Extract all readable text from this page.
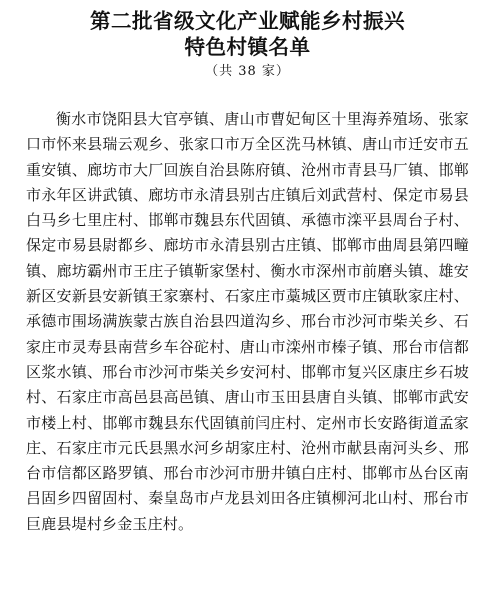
第二批省级文化产业赋能乡村振兴
特色村镇名单

（共 38 家）

衡水市饶阳县大官亭镇、唐山市曹妃甸区十里海养殖场、张家口市怀来县瑞云观乡、张家口市万全区洗马林镇、唐山市迁安市五重安镇、廊坊市大厂回族自治县陈府镇、沧州市青县马厂镇、邯郸市永年区讲武镇、廊坊市永清县别古庄镇后刘武营村、保定市易县白马乡七里庄村、邯郸市魏县东代固镇、承德市滦平县周台子村、保定市易县尉都乡、廊坊市永清县别古庄镇、邯郸市曲周县第四疃镇、廊坊霸州市王庄子镇靳家堡村、衡水市深州市前磨头镇、雄安新区安新县安新镇王家寨村、石家庄市藁城区贾市庄镇耿家庄村、承德市围场满族蒙古族自治县四道沟乡、邢台市沙河市柴关乡、石家庄市灵寿县南营乡车谷砣村、唐山市滦州市榛子镇、邢台市信都区浆水镇、邢台市沙河市柴关乡安河村、邯郸市复兴区康庄乡石坡村、石家庄市高邑县高邑镇、唐山市玉田县唐自头镇、邯郸市武安市楼上村、邯郸市魏县东代固镇前闫庄村、定州市长安路街道孟家庄、石家庄市元氏县黑水河乡胡家庄村、沧州市献县南河头乡、邢台市信都区路罗镇、邢台市沙河市册井镇白庄村、邯郸市丛台区南吕固乡四留固村、秦皇岛市卢龙县刘田各庄镇柳河北山村、邢台市巨鹿县堤村乡金玉庄村。
